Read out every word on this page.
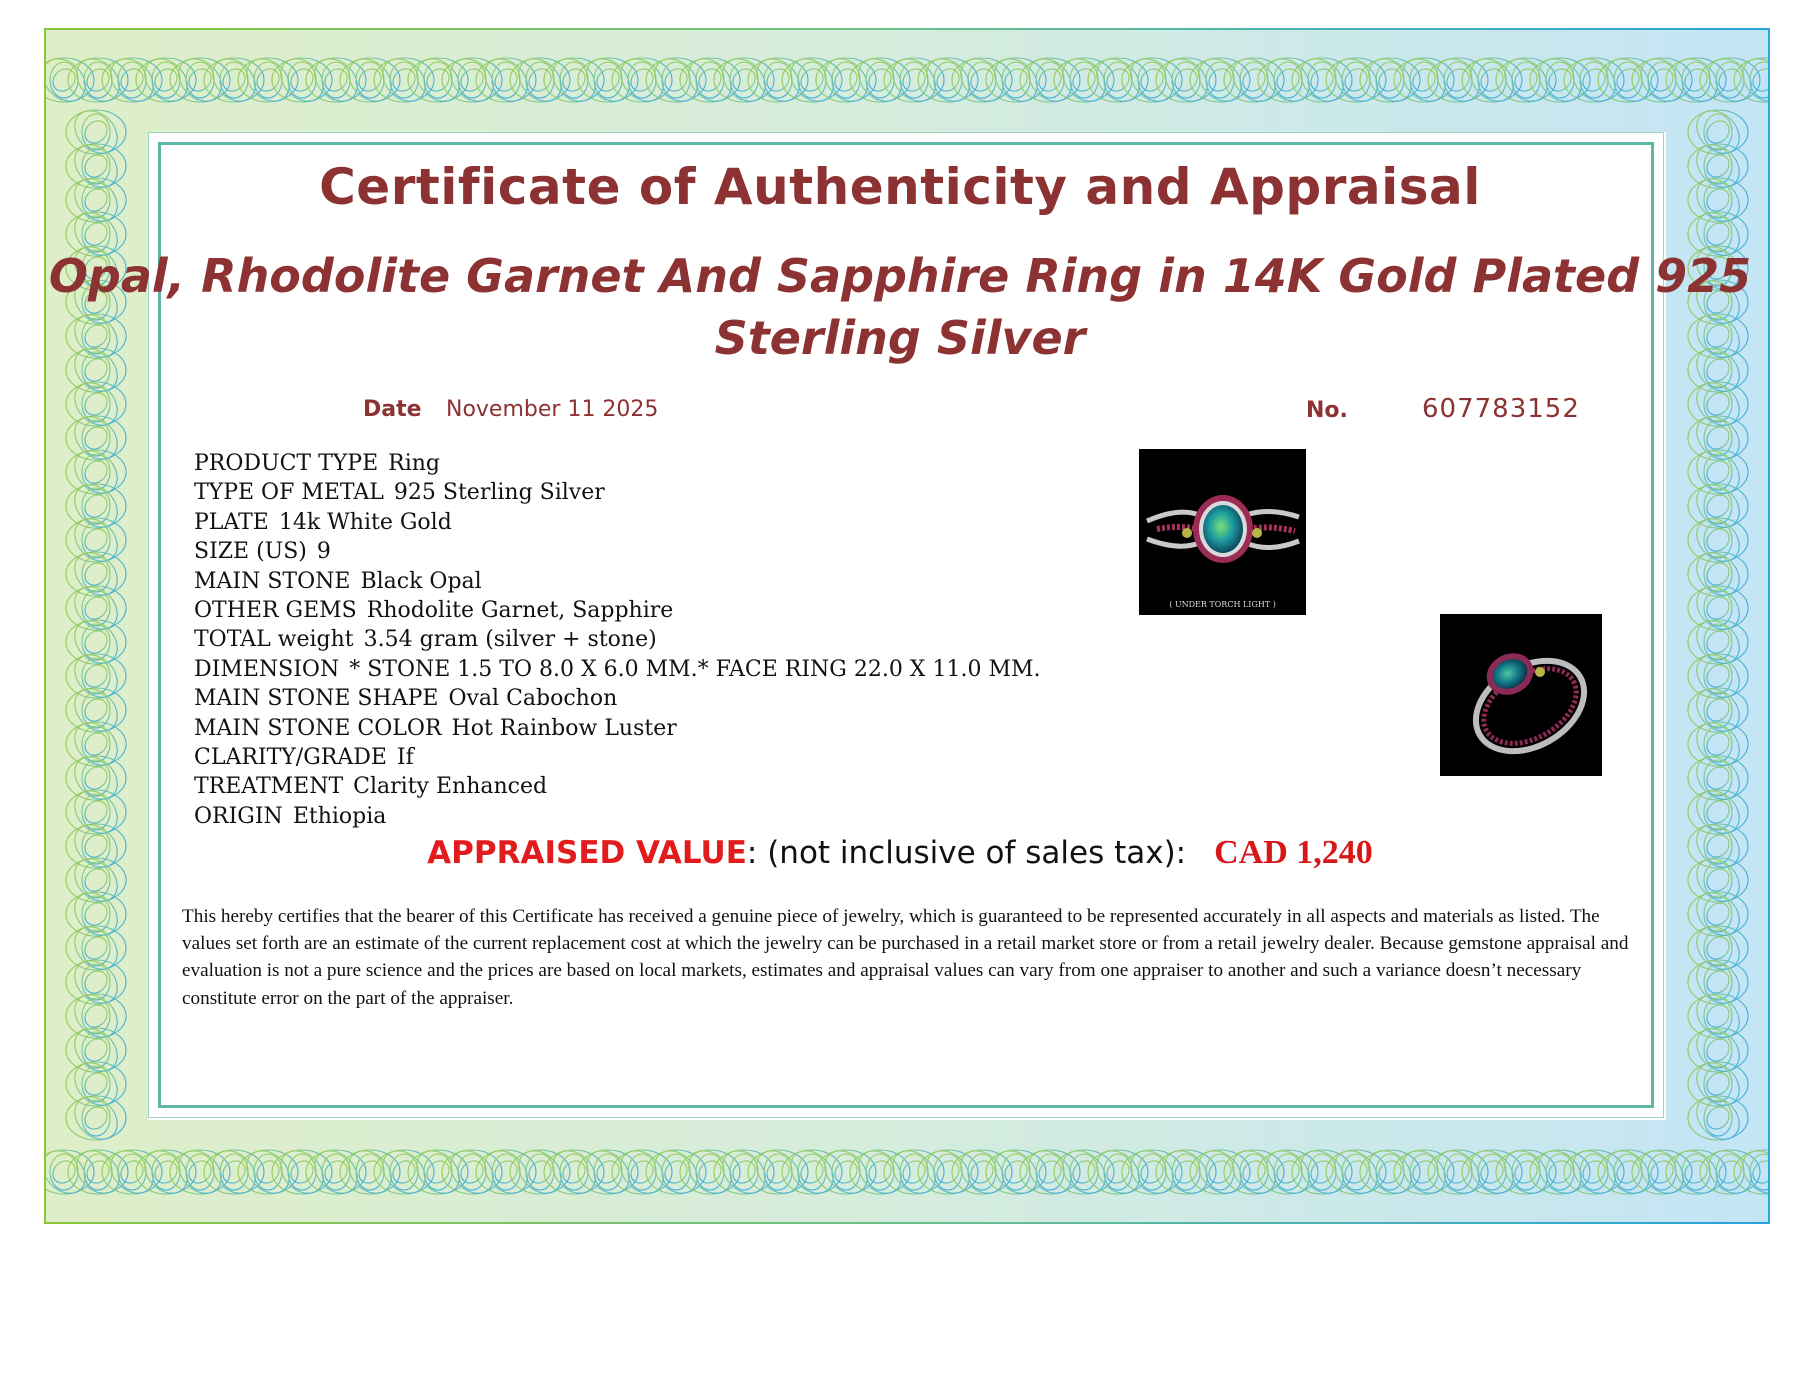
Certificate of Authenticity and Appraisal
Opal, Rhodolite Garnet And Sapphire Ring in 14K Gold Plated 925 Sterling Silver
Date November 11 2025	No.	607783152
PRODUCT TYPE Ring
TYPE OF METAL 925 Sterling Silver
PLATE 14k White Gold
SIZE (US) 9
MAIN STONE Black Opal
OTHER GEMS Rhodolite Garnet, Sapphire
TOTAL weight 3.54 gram (silver + stone)
DIMENSION * STONE 1.5 TO 8.0 X 6.0 MM.* FACE RING 22.0 X 11.0 MM.
MAIN STONE SHAPE Oval Cabochon
MAIN STONE COLOR Hot Rainbow Luster
CLARITY/GRADE If
TREATMENT Clarity Enhanced
ORIGIN Ethiopia
( UNDER TORCH LIGHT )
APPRAISED VALUE: (not inclusive of sales tax): CAD 1,240
This hereby certifies that the bearer of this Certificate has received a genuine piece of jewelry, which is guaranteed to be represented accurately in all aspects and materials as listed. The values set forth are an estimate of the current replacement cost at which the jewelry can be purchased in a retail market store or from a retail jewelry dealer. Because gemstone appraisal and evaluation is not a pure science and the prices are based on local markets, estimates and appraisal values can vary from one appraiser to another and such a variance doesn’t necessary constitute error on the part of the appraiser.
